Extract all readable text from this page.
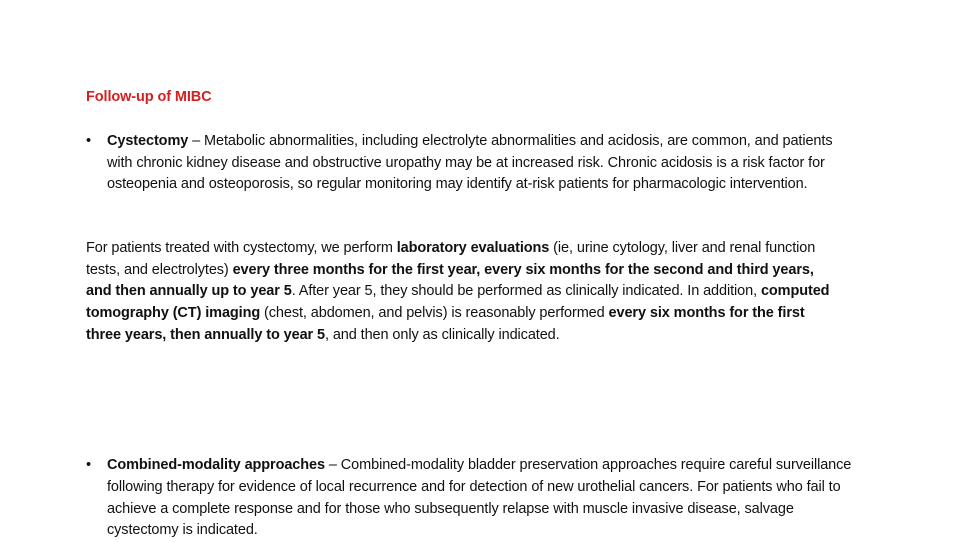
Follow-up of MIBC
• Cystectomy – Metabolic abnormalities, including electrolyte abnormalities and acidosis, are common, and patients with chronic kidney disease and obstructive uropathy may be at increased risk. Chronic acidosis is a risk factor for osteopenia and osteoporosis, so regular monitoring may identify at-risk patients for pharmacologic intervention.
For patients treated with cystectomy, we perform laboratory evaluations (ie, urine cytology, liver and renal function tests, and electrolytes) every three months for the first year, every six months for the second and third years, and then annually up to year 5. After year 5, they should be performed as clinically indicated. In addition, computed tomography (CT) imaging (chest, abdomen, and pelvis) is reasonably performed every six months for the first three years, then annually to year 5, and then only as clinically indicated.
• Combined-modality approaches – Combined-modality bladder preservation approaches require careful surveillance following therapy for evidence of local recurrence and for detection of new urothelial cancers. For patients who fail to achieve a complete response and for those who subsequently relapse with muscle invasive disease, salvage cystectomy is indicated.
